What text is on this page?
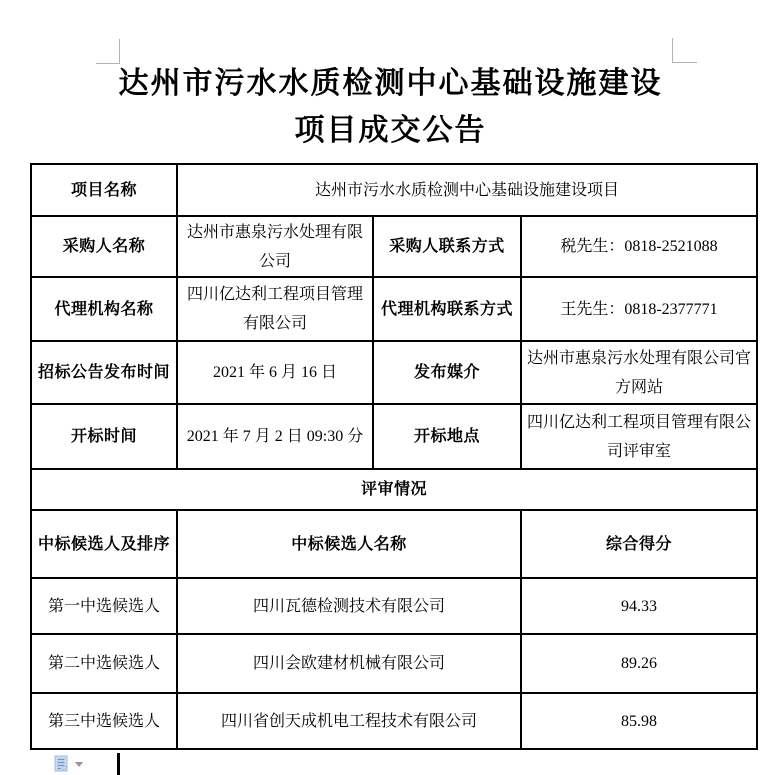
达州市污水水质检测中心基础设施建设
项目成交公告
项目名称	达州市污水水质检测中心基础设施建设项目		
采购人名称	达州市惠泉污水处理有限公司	采购人联系方式	税先生：0818-2521088
代理机构名称	四川亿达利工程项目管理有限公司	代理机构联系方式	王先生：0818-2377771
招标公告发布时间	2021 年 6 月 16 日	发布媒介	达州市惠泉污水处理有限公司官方网站
开标时间	2021 年 7 月 2 日 09:30 分	开标地点	四川亿达利工程项目管理有限公司评审室
评审情况			
中标候选人及排序	中标候选人名称		综合得分
第一中选候选人	四川瓦德检测技术有限公司		94.33
第二中选候选人	四川会欧建材机械有限公司		89.26
第三中选候选人	四川省创天成机电工程技术有限公司		85.98
